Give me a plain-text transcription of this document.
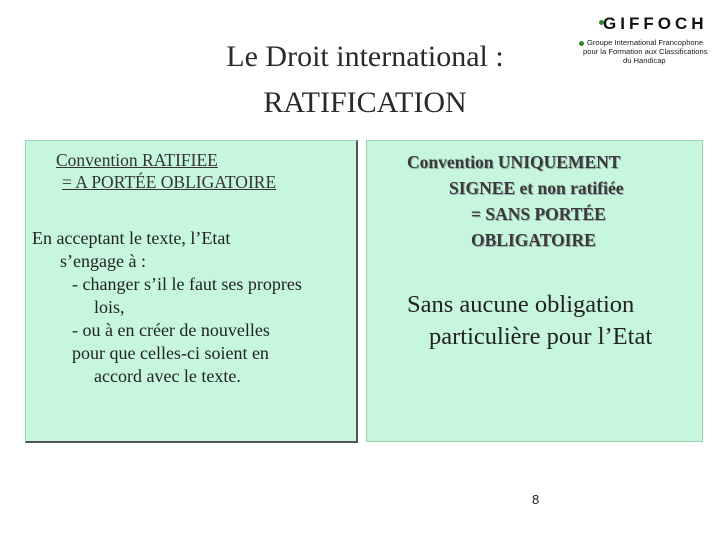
Le Droit international :
RATIFICATION
GIFFOCH
Groupe International Francophone
pour la Formation aux Classifications
du Handicap
Convention RATIFIEE
= A PORTÉE OBLIGATOIRE
En acceptant le texte, l’Etat
s’engage à :
- changer s’il le faut ses propres
lois,
- ou à en créer de nouvelles
pour que celles-ci soient en
accord avec le texte.
Convention UNIQUEMENT
SIGNEE et non ratifiée
= SANS PORTÉE
OBLIGATOIRE
Sans aucune obligation
particulière pour l’Etat
8
